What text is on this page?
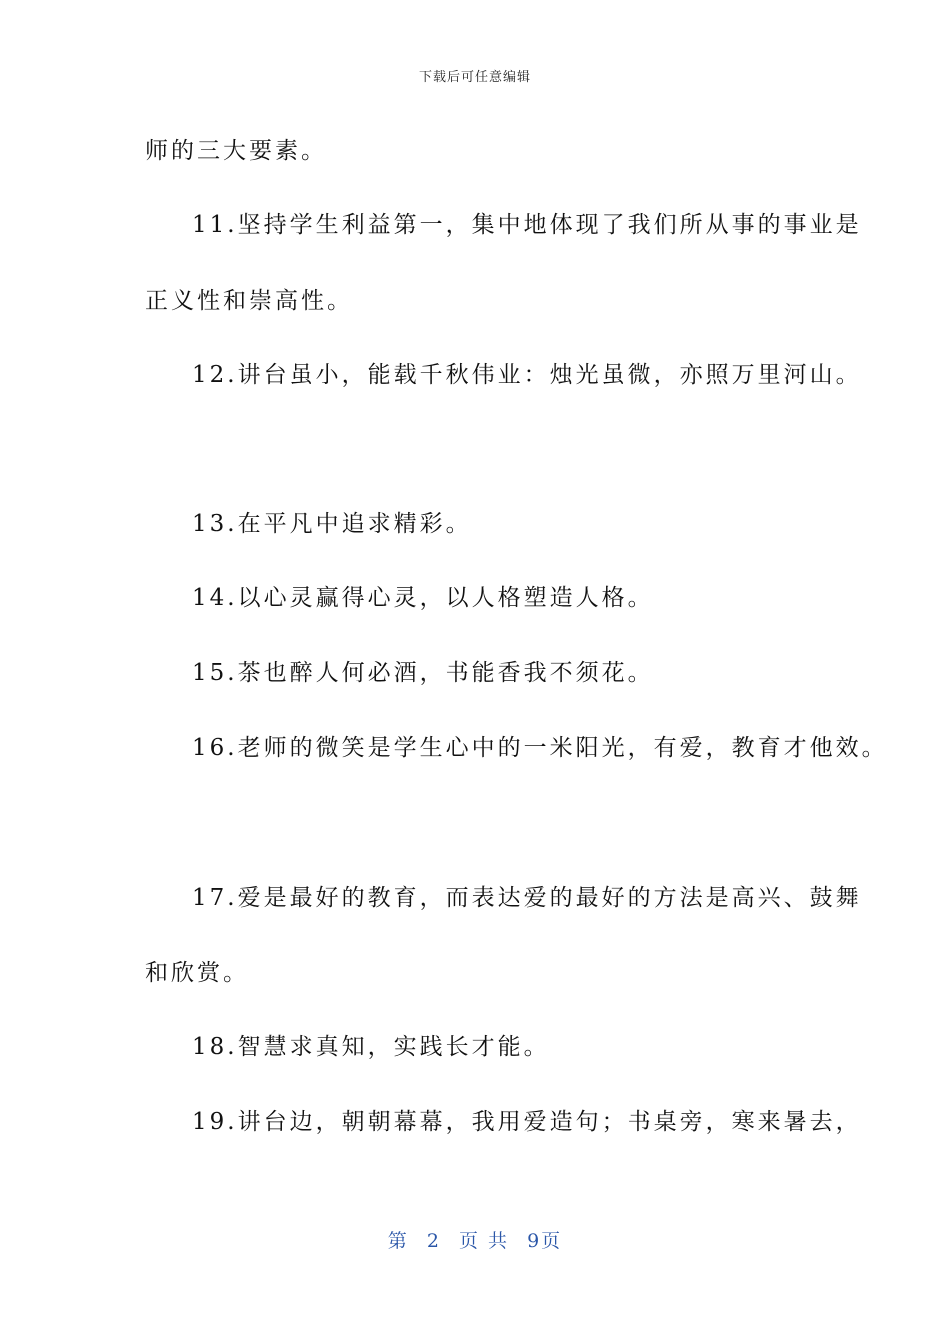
下载后可任意编辑
师的三大要素。
11.坚持学生利益第一，集中地体现了我们所从事的事业是
正义性和崇高性。
12.讲台虽小，能载千秋伟业：烛光虽微，亦照万里河山。
13.在平凡中追求精彩。
14.以心灵赢得心灵，以人格塑造人格。
15.茶也醉人何必酒，书能香我不须花。
16.老师的微笑是学生心中的一米阳光，有爱，教育才他效。
17.爱是最好的教育，而表达爱的最好的方法是高兴、鼓舞
和欣赏。
18.智慧求真知，实践长才能。
19.讲台边，朝朝幕幕，我用爱造句；书桌旁，寒来暑去，
第 2 页 共 9页
